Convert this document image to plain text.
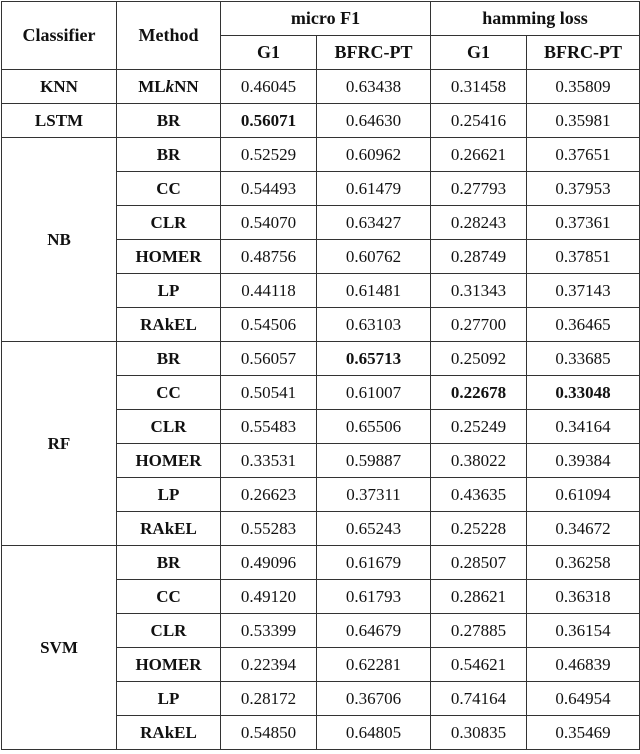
Classifier	Method	micro F1		hamming loss	
		G1	BFRC-PT	G1	BFRC-PT
KNN	MLkNN	0.46045	0.63438	0.31458	0.35809
LSTM	BR	0.56071	0.64630	0.25416	0.35981
NB	BR	0.52529	0.60962	0.26621	0.37651
	CC	0.54493	0.61479	0.27793	0.37953
	CLR	0.54070	0.63427	0.28243	0.37361
	HOMER	0.48756	0.60762	0.28749	0.37851
	LP	0.44118	0.61481	0.31343	0.37143
	RAkEL	0.54506	0.63103	0.27700	0.36465
RF	BR	0.56057	0.65713	0.25092	0.33685
	CC	0.50541	0.61007	0.22678	0.33048
	CLR	0.55483	0.65506	0.25249	0.34164
	HOMER	0.33531	0.59887	0.38022	0.39384
	LP	0.26623	0.37311	0.43635	0.61094
	RAkEL	0.55283	0.65243	0.25228	0.34672
SVM	BR	0.49096	0.61679	0.28507	0.36258
	CC	0.49120	0.61793	0.28621	0.36318
	CLR	0.53399	0.64679	0.27885	0.36154
	HOMER	0.22394	0.62281	0.54621	0.46839
	LP	0.28172	0.36706	0.74164	0.64954
	RAkEL	0.54850	0.64805	0.30835	0.35469
